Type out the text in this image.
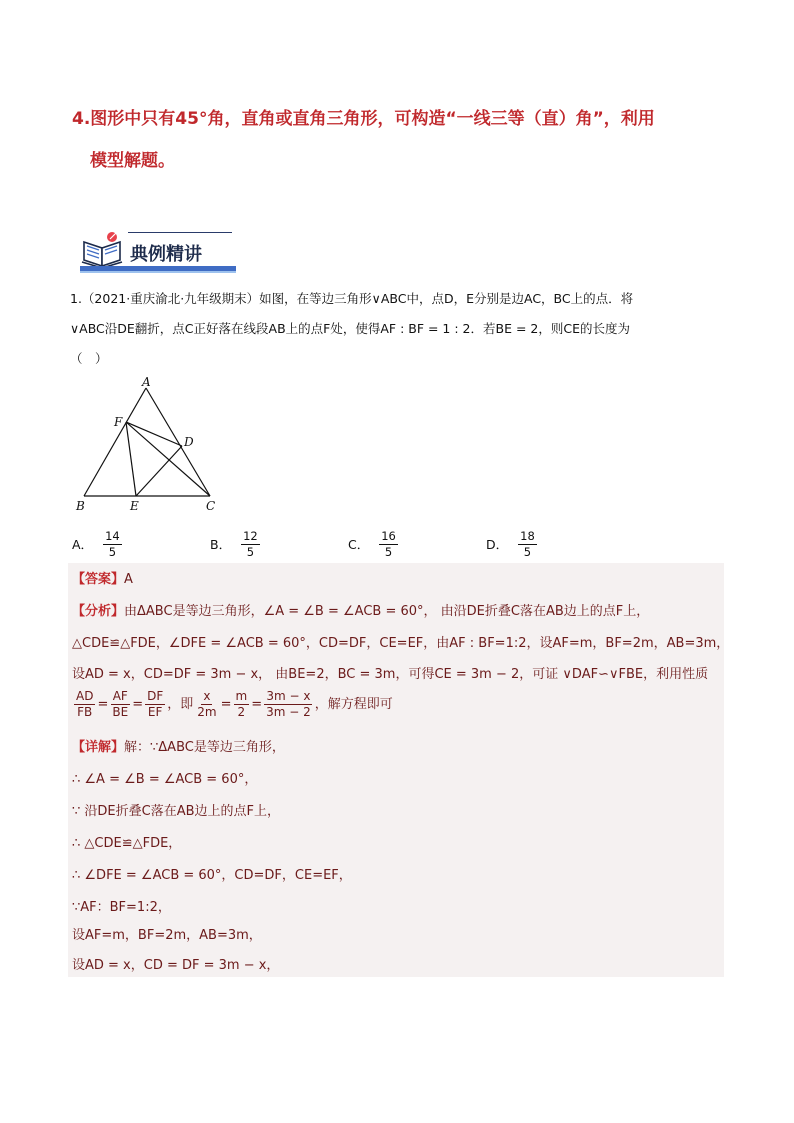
4.图形中只有45°角，直角或直角三角形，可构造“一线三等（直）角”，利用
模型解题。
典例精讲
1.（2021·重庆渝北·九年级期末）如图，在等边三角形∨ABC中，点D，E分别是边AC，BC上的点．将
∨ABC沿DE翻折，点C正好落在线段AB上的点F处，使得AF : BF = 1 : 2．若BE = 2，则CE的长度为
（　）
A
F
D
B	E	C
A． $\frac{14}{5}$	B． $\frac{12}{5}$	C． $\frac{16}{5}$	D． $\frac{18}{5}$
【答案】A
【分析】由ΔABC是等边三角形，∠A = ∠B = ∠ACB = 60°， 由沿DE折叠C落在AB边上的点F上，
△CDE≌△FDE，∠DFE = ∠ACB = 60°，CD=DF，CE=EF，由AF : BF=1:2，设AF=m，BF=2m，AB=3m，
设AD = x，CD=DF = 3m − x， 由BE=2，BC = 3m，可得CE = 3m − 2，可证 ∨DAF∽∨FBE，利用性质
$\frac{AD}{FB} = \frac{AF}{BE} = \frac{DF}{EF}$ ，即 $\frac{x}{2m} = \frac{m}{2} = \frac{3m - x}{3m - 2}$ ，解方程即可
【详解】解：∵ΔABC是等边三角形，
∴ ∠A = ∠B = ∠ACB = 60°，
∵ 沿DE折叠C落在AB边上的点F上，
∴ △CDE≌△FDE，
∴ ∠DFE = ∠ACB = 60°，CD=DF，CE=EF，
∵AF：BF=1:2，
设AF=m，BF=2m，AB=3m，
设AD = x，CD = DF = 3m − x，
